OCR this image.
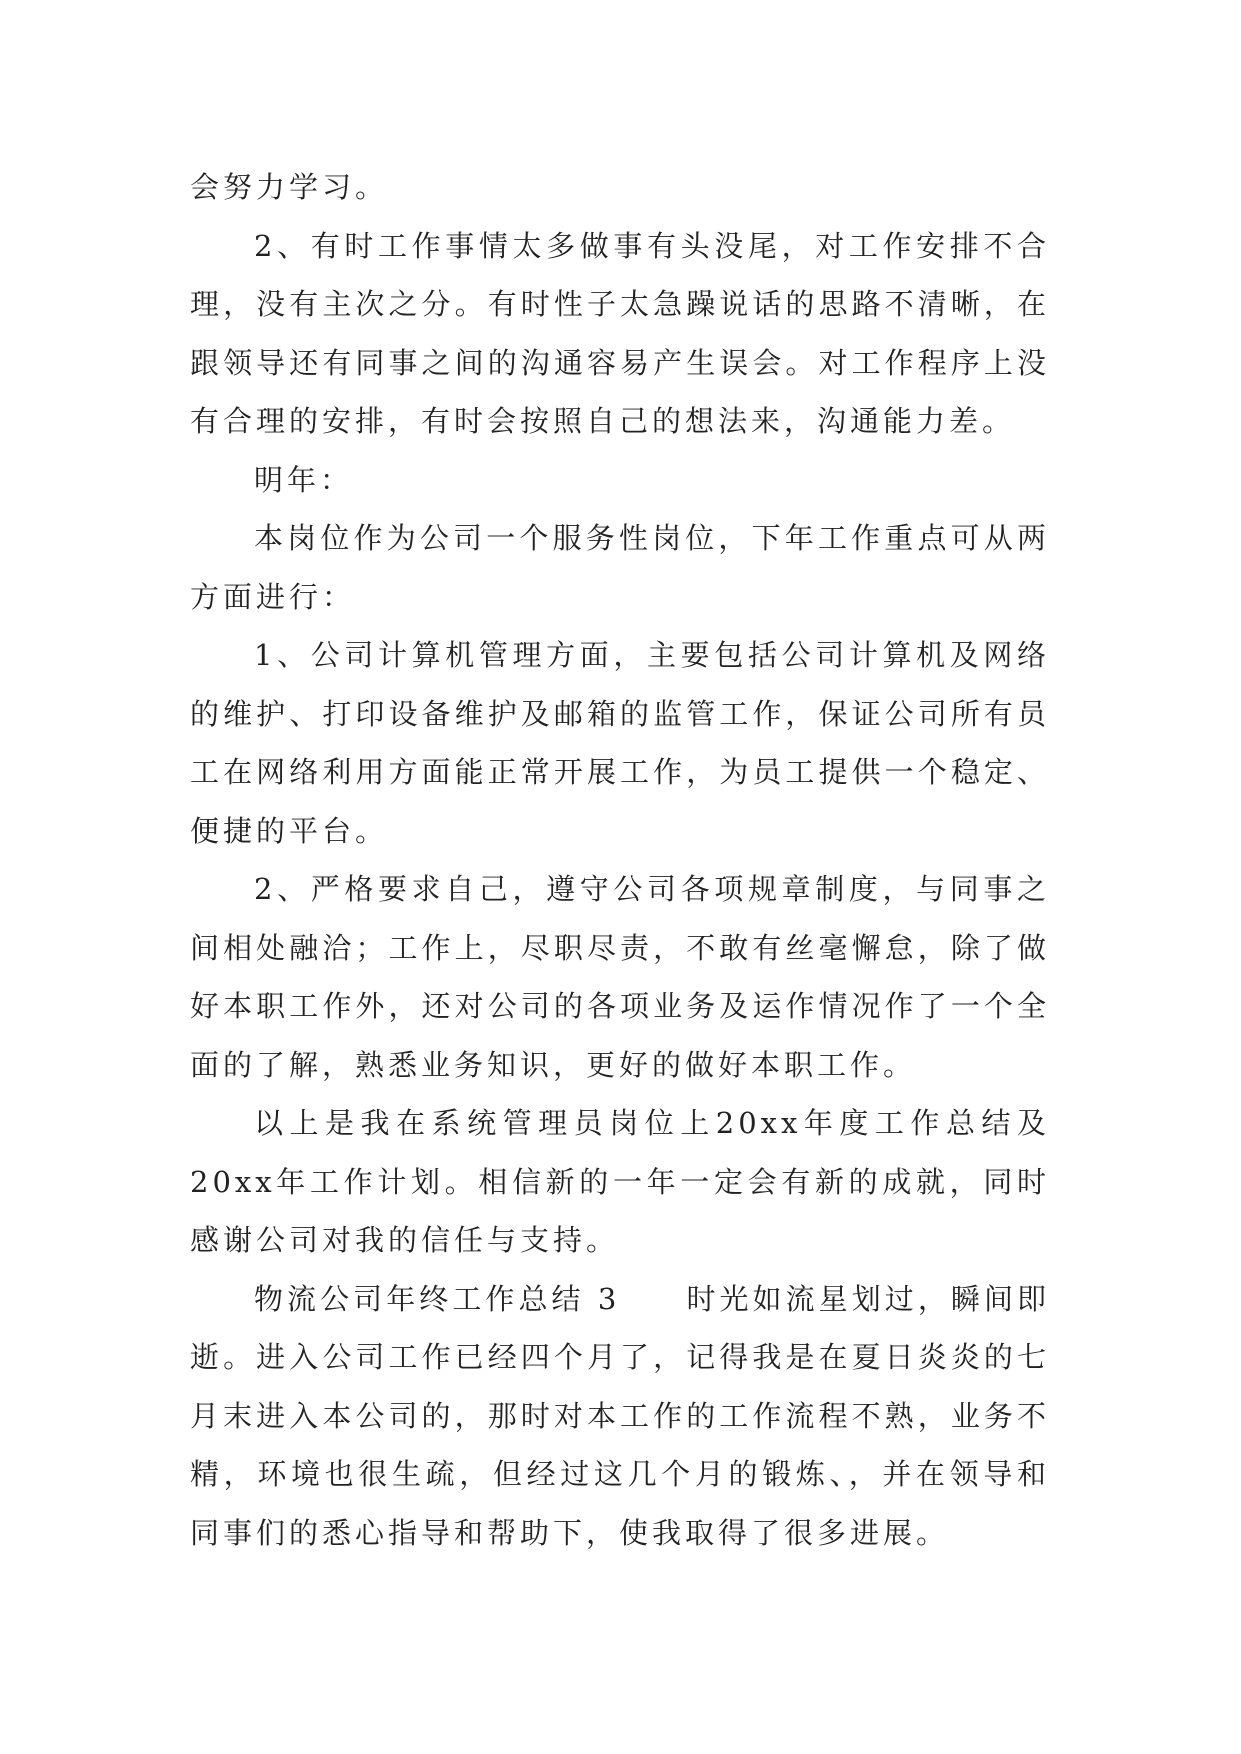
会努力学习。

2、有时工作事情太多做事有头没尾，对工作安排不合理，没有主次之分。有时性子太急躁说话的思路不清晰，在跟领导还有同事之间的沟通容易产生误会。对工作程序上没有合理的安排，有时会按照自己的想法来，沟通能力差。

明年：

本岗位作为公司一个服务性岗位，下年工作重点可从两方面进行：

1、公司计算机管理方面，主要包括公司计算机及网络的维护、打印设备维护及邮箱的监管工作，保证公司所有员工在网络利用方面能正常开展工作，为员工提供一个稳定、便捷的平台。

2、严格要求自己，遵守公司各项规章制度，与同事之间相处融洽；工作上，尽职尽责，不敢有丝毫懈怠，除了做好本职工作外，还对公司的各项业务及运作情况作了一个全面的了解，熟悉业务知识，更好的做好本职工作。

以上是我在系统管理员岗位上20xx年度工作总结及20xx年工作计划。相信新的一年一定会有新的成就，同时感谢公司对我的信任与支持。

物流公司年终工作总结 3　　时光如流星划过，瞬间即逝。进入公司工作已经四个月了，记得我是在夏日炎炎的七月末进入本公司的，那时对本工作的工作流程不熟，业务不精，环境也很生疏，但经过这几个月的锻炼、，并在领导和同事们的悉心指导和帮助下，使我取得了很多进展。
